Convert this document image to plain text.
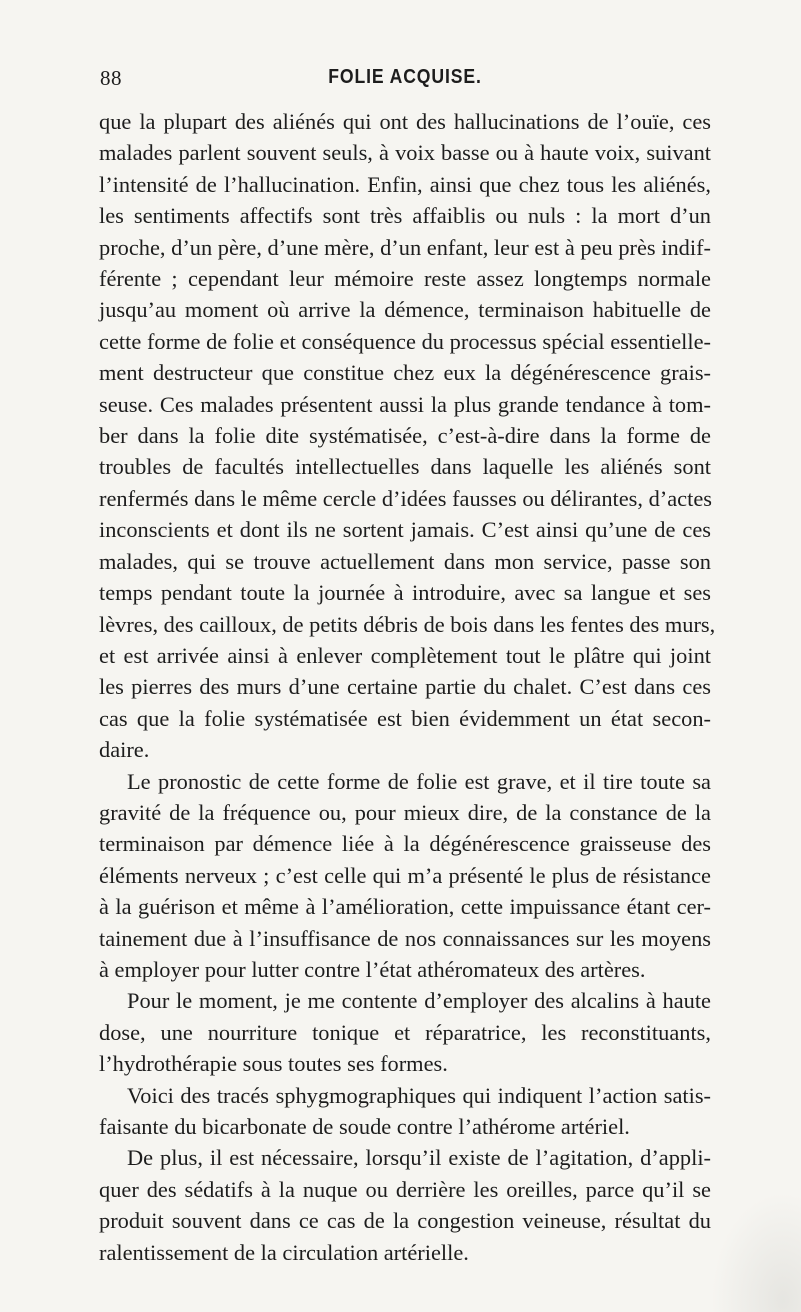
88	FOLIE ACQUISE.
que la plupart des aliénés qui ont des hallucinations de l’ouïe, ces
malades parlent souvent seuls, à voix basse ou à haute voix, suivant
l’intensité de l’hallucination. Enfin, ainsi que chez tous les aliénés,
les sentiments affectifs sont très affaiblis ou nuls : la mort d’un
proche, d’un père, d’une mère, d’un enfant, leur est à peu près indif-
férente ; cependant leur mémoire reste assez longtemps normale
jusqu’au moment où arrive la démence, terminaison habituelle de
cette forme de folie et conséquence du processus spécial essentielle-
ment destructeur que constitue chez eux la dégénérescence grais-
seuse. Ces malades présentent aussi la plus grande tendance à tom-
ber dans la folie dite systématisée, c’est-à-dire dans la forme de
troubles de facultés intellectuelles dans laquelle les aliénés sont
renfermés dans le même cercle d’idées fausses ou délirantes, d’actes
inconscients et dont ils ne sortent jamais. C’est ainsi qu’une de ces
malades, qui se trouve actuellement dans mon service, passe son
temps pendant toute la journée à introduire, avec sa langue et ses
lèvres, des cailloux, de petits débris de bois dans les fentes des murs,
et est arrivée ainsi à enlever complètement tout le plâtre qui joint
les pierres des murs d’une certaine partie du chalet. C’est dans ces
cas que la folie systématisée est bien évidemment un état secon-
daire.
Le pronostic de cette forme de folie est grave, et il tire toute sa
gravité de la fréquence ou, pour mieux dire, de la constance de la
terminaison par démence liée à la dégénérescence graisseuse des
éléments nerveux ; c’est celle qui m’a présenté le plus de résistance
à la guérison et même à l’amélioration, cette impuissance étant cer-
tainement due à l’insuffisance de nos connaissances sur les moyens
à employer pour lutter contre l’état athéromateux des artères.
Pour le moment, je me contente d’employer des alcalins à haute
dose, une nourriture tonique et réparatrice, les reconstituants,
l’hydrothérapie sous toutes ses formes.
Voici des tracés sphygmographiques qui indiquent l’action satis-
faisante du bicarbonate de soude contre l’athérome artériel.
De plus, il est nécessaire, lorsqu’il existe de l’agitation, d’appli-
quer des sédatifs à la nuque ou derrière les oreilles, parce qu’il se
produit souvent dans ce cas de la congestion veineuse, résultat du
ralentissement de la circulation artérielle.
